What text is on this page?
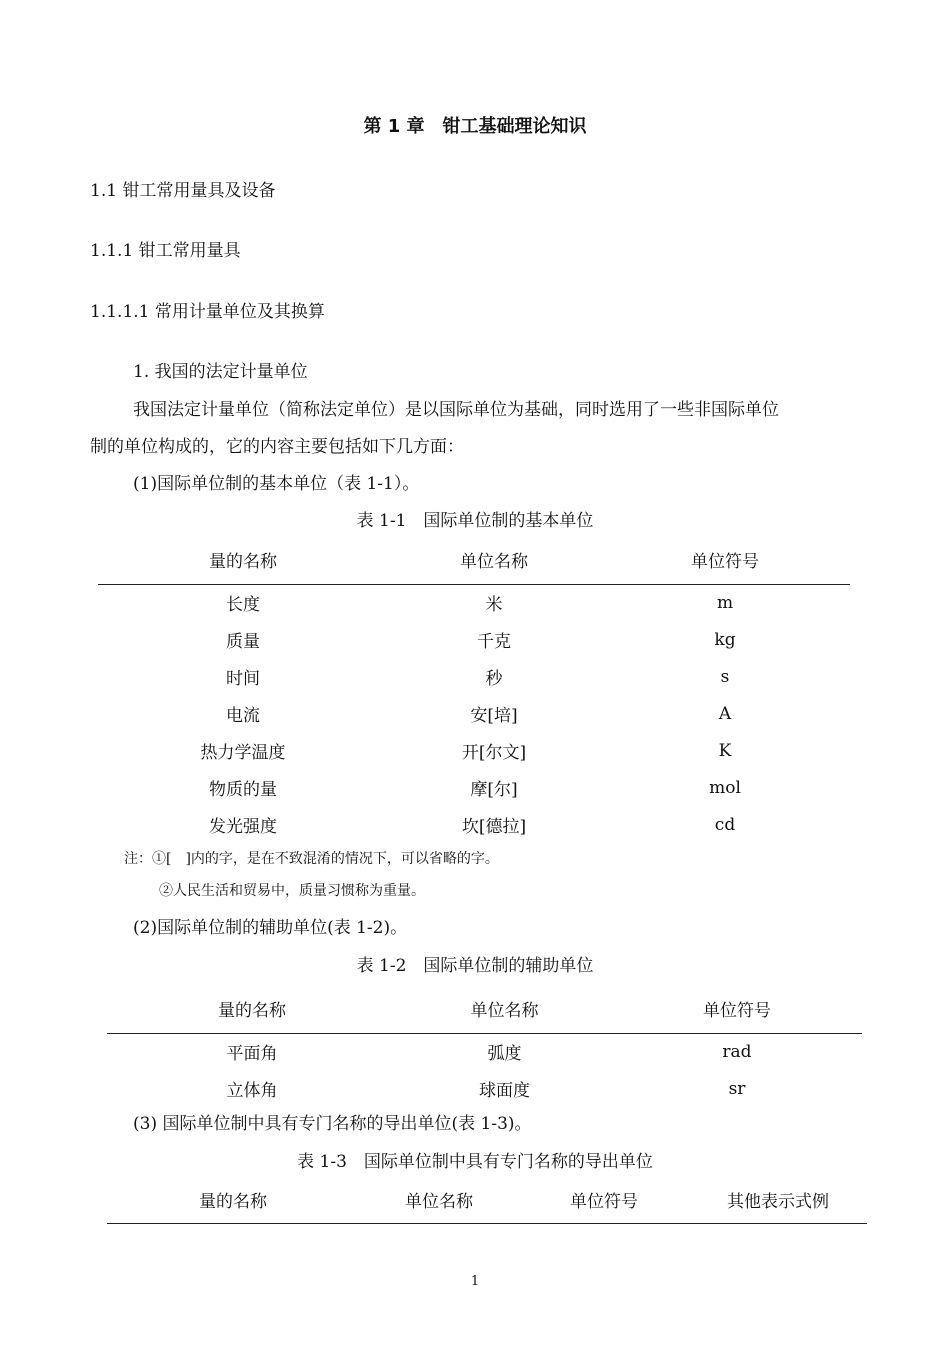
第 1 章　钳工基础理论知识
1.1 钳工常用量具及设备
1.1.1 钳工常用量具
1.1.1.1 常用计量单位及其换算
1. 我国的法定计量单位
我国法定计量单位（简称法定单位）是以国际单位为基础，同时选用了一些非国际单位
制的单位构成的，它的内容主要包括如下几方面：
(1)国际单位制的基本单位（表 1-1）。
表 1-1　国际单位制的基本单位
量的名称	单位名称	单位符号
长度	米	m
质量	千克	kg
时间	秒	s
电流	安[培]	A
热力学温度	开[尔文]	K
物质的量	摩[尔]	mol
发光强度	坎[德拉]	cd
注：①[　]内的字，是在不致混淆的情况下，可以省略的字。
②人民生活和贸易中，质量习惯称为重量。
(2)国际单位制的辅助单位(表 1-2)。
表 1-2　国际单位制的辅助单位
量的名称	单位名称	单位符号
平面角	弧度	rad
立体角	球面度	sr
(3) 国际单位制中具有专门名称的导出单位(表 1-3)。
表 1-3　国际单位制中具有专门名称的导出单位
量的名称	单位名称	单位符号	其他表示式例
1
